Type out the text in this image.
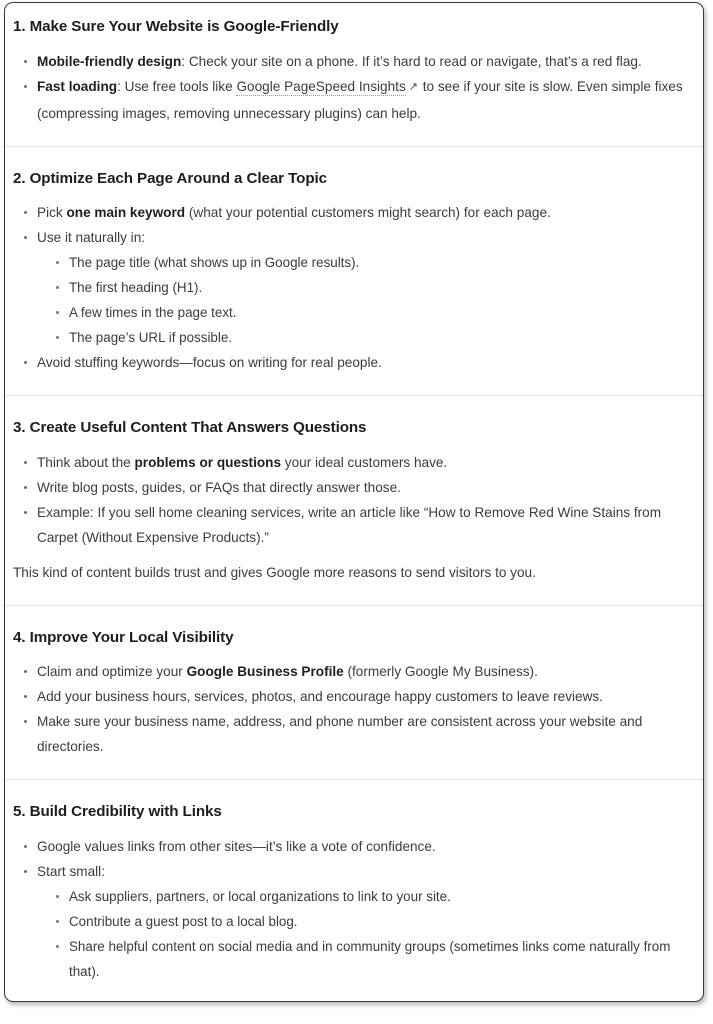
1. Make Sure Your Website is Google-Friendly
Mobile-friendly design: Check your site on a phone. If it’s hard to read or navigate, that’s a red flag.
Fast loading: Use free tools like Google PageSpeed Insights ↗ to see if your site is slow. Even simple fixes (compressing images, removing unnecessary plugins) can help.
2. Optimize Each Page Around a Clear Topic
Pick one main keyword (what your potential customers might search) for each page.
Use it naturally in:
The page title (what shows up in Google results).
The first heading (H1).
A few times in the page text.
The page’s URL if possible.
Avoid stuffing keywords—focus on writing for real people.
3. Create Useful Content That Answers Questions
Think about the problems or questions your ideal customers have.
Write blog posts, guides, or FAQs that directly answer those.
Example: If you sell home cleaning services, write an article like “How to Remove Red Wine Stains from Carpet (Without Expensive Products).”

This kind of content builds trust and gives Google more reasons to send visitors to you.

4. Improve Your Local Visibility
Claim and optimize your Google Business Profile (formerly Google My Business).
Add your business hours, services, photos, and encourage happy customers to leave reviews.
Make sure your business name, address, and phone number are consistent across your website and directories.
5. Build Credibility with Links
Google values links from other sites—it’s like a vote of confidence.
Start small:
Ask suppliers, partners, or local organizations to link to your site.
Contribute a guest post to a local blog.
Share helpful content on social media and in community groups (sometimes links come naturally from that).
